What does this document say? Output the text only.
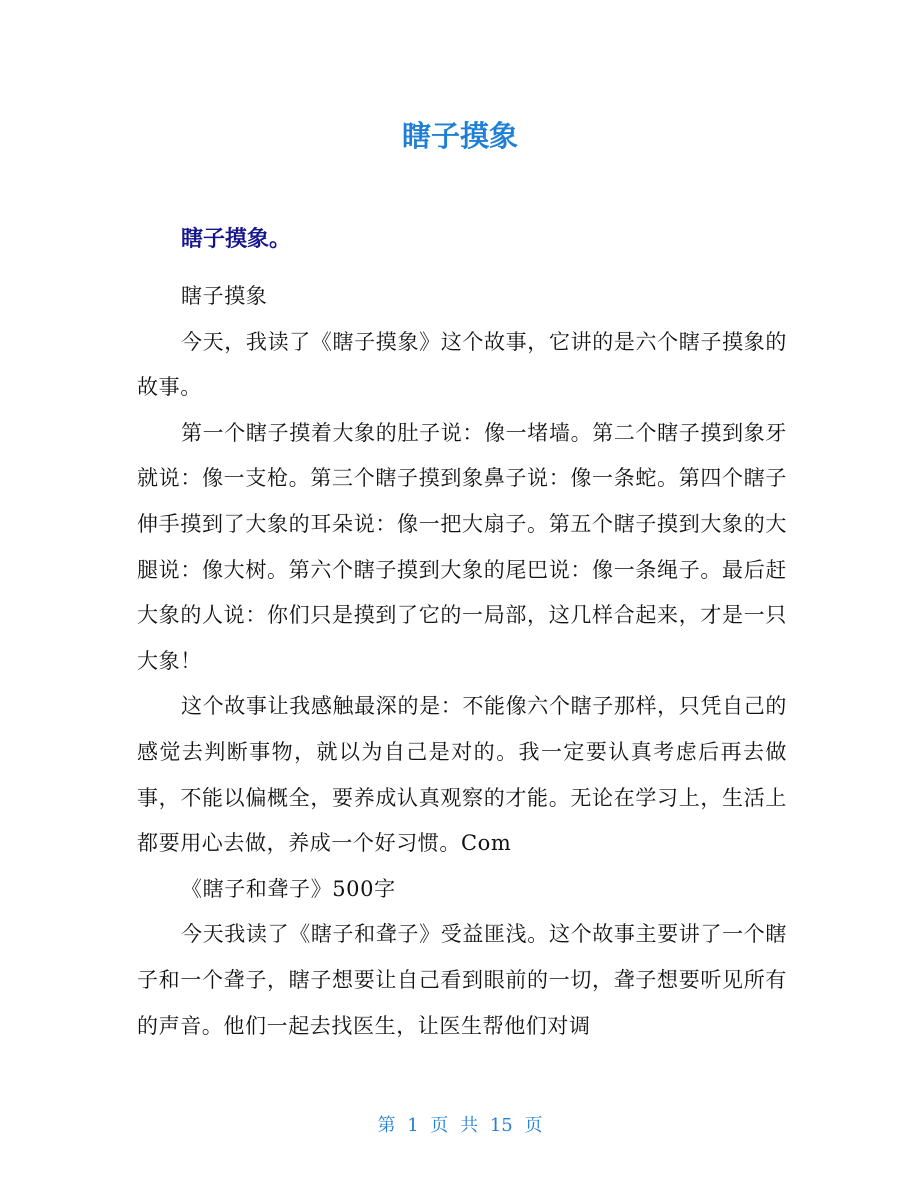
瞎子摸象
瞎子摸象。

瞎子摸象

今天，我读了《瞎子摸象》这个故事，它讲的是六个瞎子摸象的故事。

第一个瞎子摸着大象的肚子说：像一堵墙。第二个瞎子摸到象牙就说：像一支枪。第三个瞎子摸到象鼻子说：像一条蛇。第四个瞎子伸手摸到了大象的耳朵说：像一把大扇子。第五个瞎子摸到大象的大腿说：像大树。第六个瞎子摸到大象的尾巴说：像一条绳子。最后赶大象的人说：你们只是摸到了它的一局部，这几样合起来，才是一只大象！

这个故事让我感触最深的是：不能像六个瞎子那样，只凭自己的感觉去判断事物，就以为自己是对的。我一定要认真考虑后再去做事，不能以偏概全，要养成认真观察的才能。无论在学习上，生活上都要用心去做，养成一个好习惯。Com

《瞎子和聋子》500字

今天我读了《瞎子和聋子》受益匪浅。这个故事主要讲了一个瞎子和一个聋子，瞎子想要让自己看到眼前的一切，聋子想要听见所有的声音。他们一起去找医生，让医生帮他们对调

第 1 页 共 15 页
